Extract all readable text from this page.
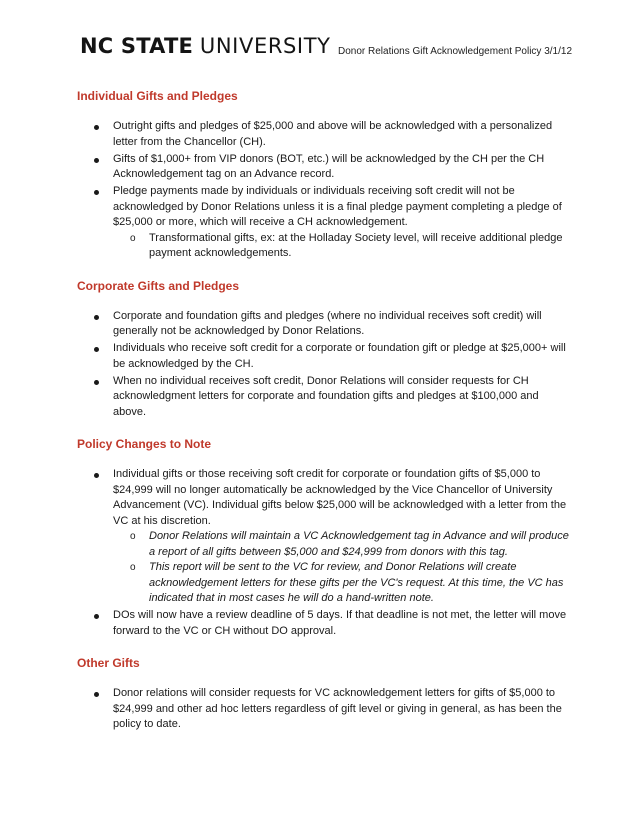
NC STATE UNIVERSITY Donor Relations Gift Acknowledgement Policy 3/1/12
Individual Gifts and Pledges
Outright gifts and pledges of $25,000 and above will be acknowledged with a personalized letter from the Chancellor (CH).
Gifts of $1,000+ from VIP donors (BOT, etc.) will be acknowledged by the CH per the CH Acknowledgement tag on an Advance record.
Pledge payments made by individuals or individuals receiving soft credit will not be acknowledged by Donor Relations unless it is a final pledge payment completing a pledge of $25,000 or more, which will receive a CH acknowledgement.
o Transformational gifts, ex: at the Holladay Society level, will receive additional pledge payment acknowledgements.
Corporate Gifts and Pledges
Corporate and foundation gifts and pledges (where no individual receives soft credit) will generally not be acknowledged by Donor Relations.
Individuals who receive soft credit for a corporate or foundation gift or pledge at $25,000+ will be acknowledged by the CH.
When no individual receives soft credit, Donor Relations will consider requests for CH acknowledgment letters for corporate and foundation gifts and pledges at $100,000 and above.
Policy Changes to Note
Individual gifts or those receiving soft credit for corporate or foundation gifts of $5,000 to $24,999 will no longer automatically be acknowledged by the Vice Chancellor of University Advancement (VC). Individual gifts below $25,000 will be acknowledged with a letter from the VC at his discretion.
o Donor Relations will maintain a VC Acknowledgement tag in Advance and will produce a report of all gifts between $5,000 and $24,999 from donors with this tag.
o This report will be sent to the VC for review, and Donor Relations will create acknowledgement letters for these gifts per the VC's request. At this time, the VC has indicated that in most cases he will do a hand-written note.
DOs will now have a review deadline of 5 days. If that deadline is not met, the letter will move forward to the VC or CH without DO approval.
Other Gifts
Donor relations will consider requests for VC acknowledgement letters for gifts of $5,000 to $24,999 and other ad hoc letters regardless of gift level or giving in general, as has been the policy to date.
